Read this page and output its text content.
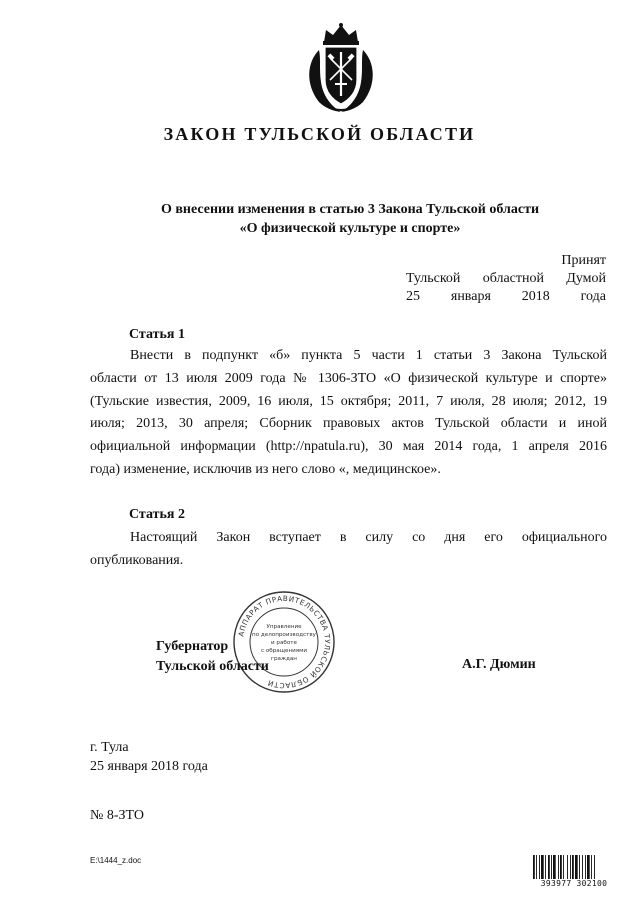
ЗАКОН ТУЛЬСКОЙ ОБЛАСТИ
О внесении изменения в статью 3 Закона Тульской области
«О физической культуре и спорте»
Принят
Тульской областной Думой
25 января 2018 года
Статья 1
Внести в подпункт «б» пункта 5 части 1 статьи 3 Закона Тульской
области от 13 июля 2009 года № 1306-ЗТО «О физической культуре и спорте»
(Тульские известия, 2009, 16 июля, 15 октября; 2011, 7 июля, 28 июля; 2012, 19
июля; 2013, 30 апреля; Сборник правовых актов Тульской области и иной
официальной информации (http://npatula.ru), 30 мая 2014 года, 1 апреля 2016
года) изменение, исключив из него слово «, медицинское».
Статья 2
Настоящий Закон вступает в силу со дня его официального
опубликования.
АППАРАТ ПРАВИТЕЛЬСТВА ТУЛЬСКОЙ ОБЛАСТИ
Управление
по делопроизводству
и работе
с обращениями
граждан
Губернатор
Тульской области	А.Г. Дюмин
г. Тула
25 января 2018 года
№ 8-ЗТО
E:\1444_z.doc
393977 302100
